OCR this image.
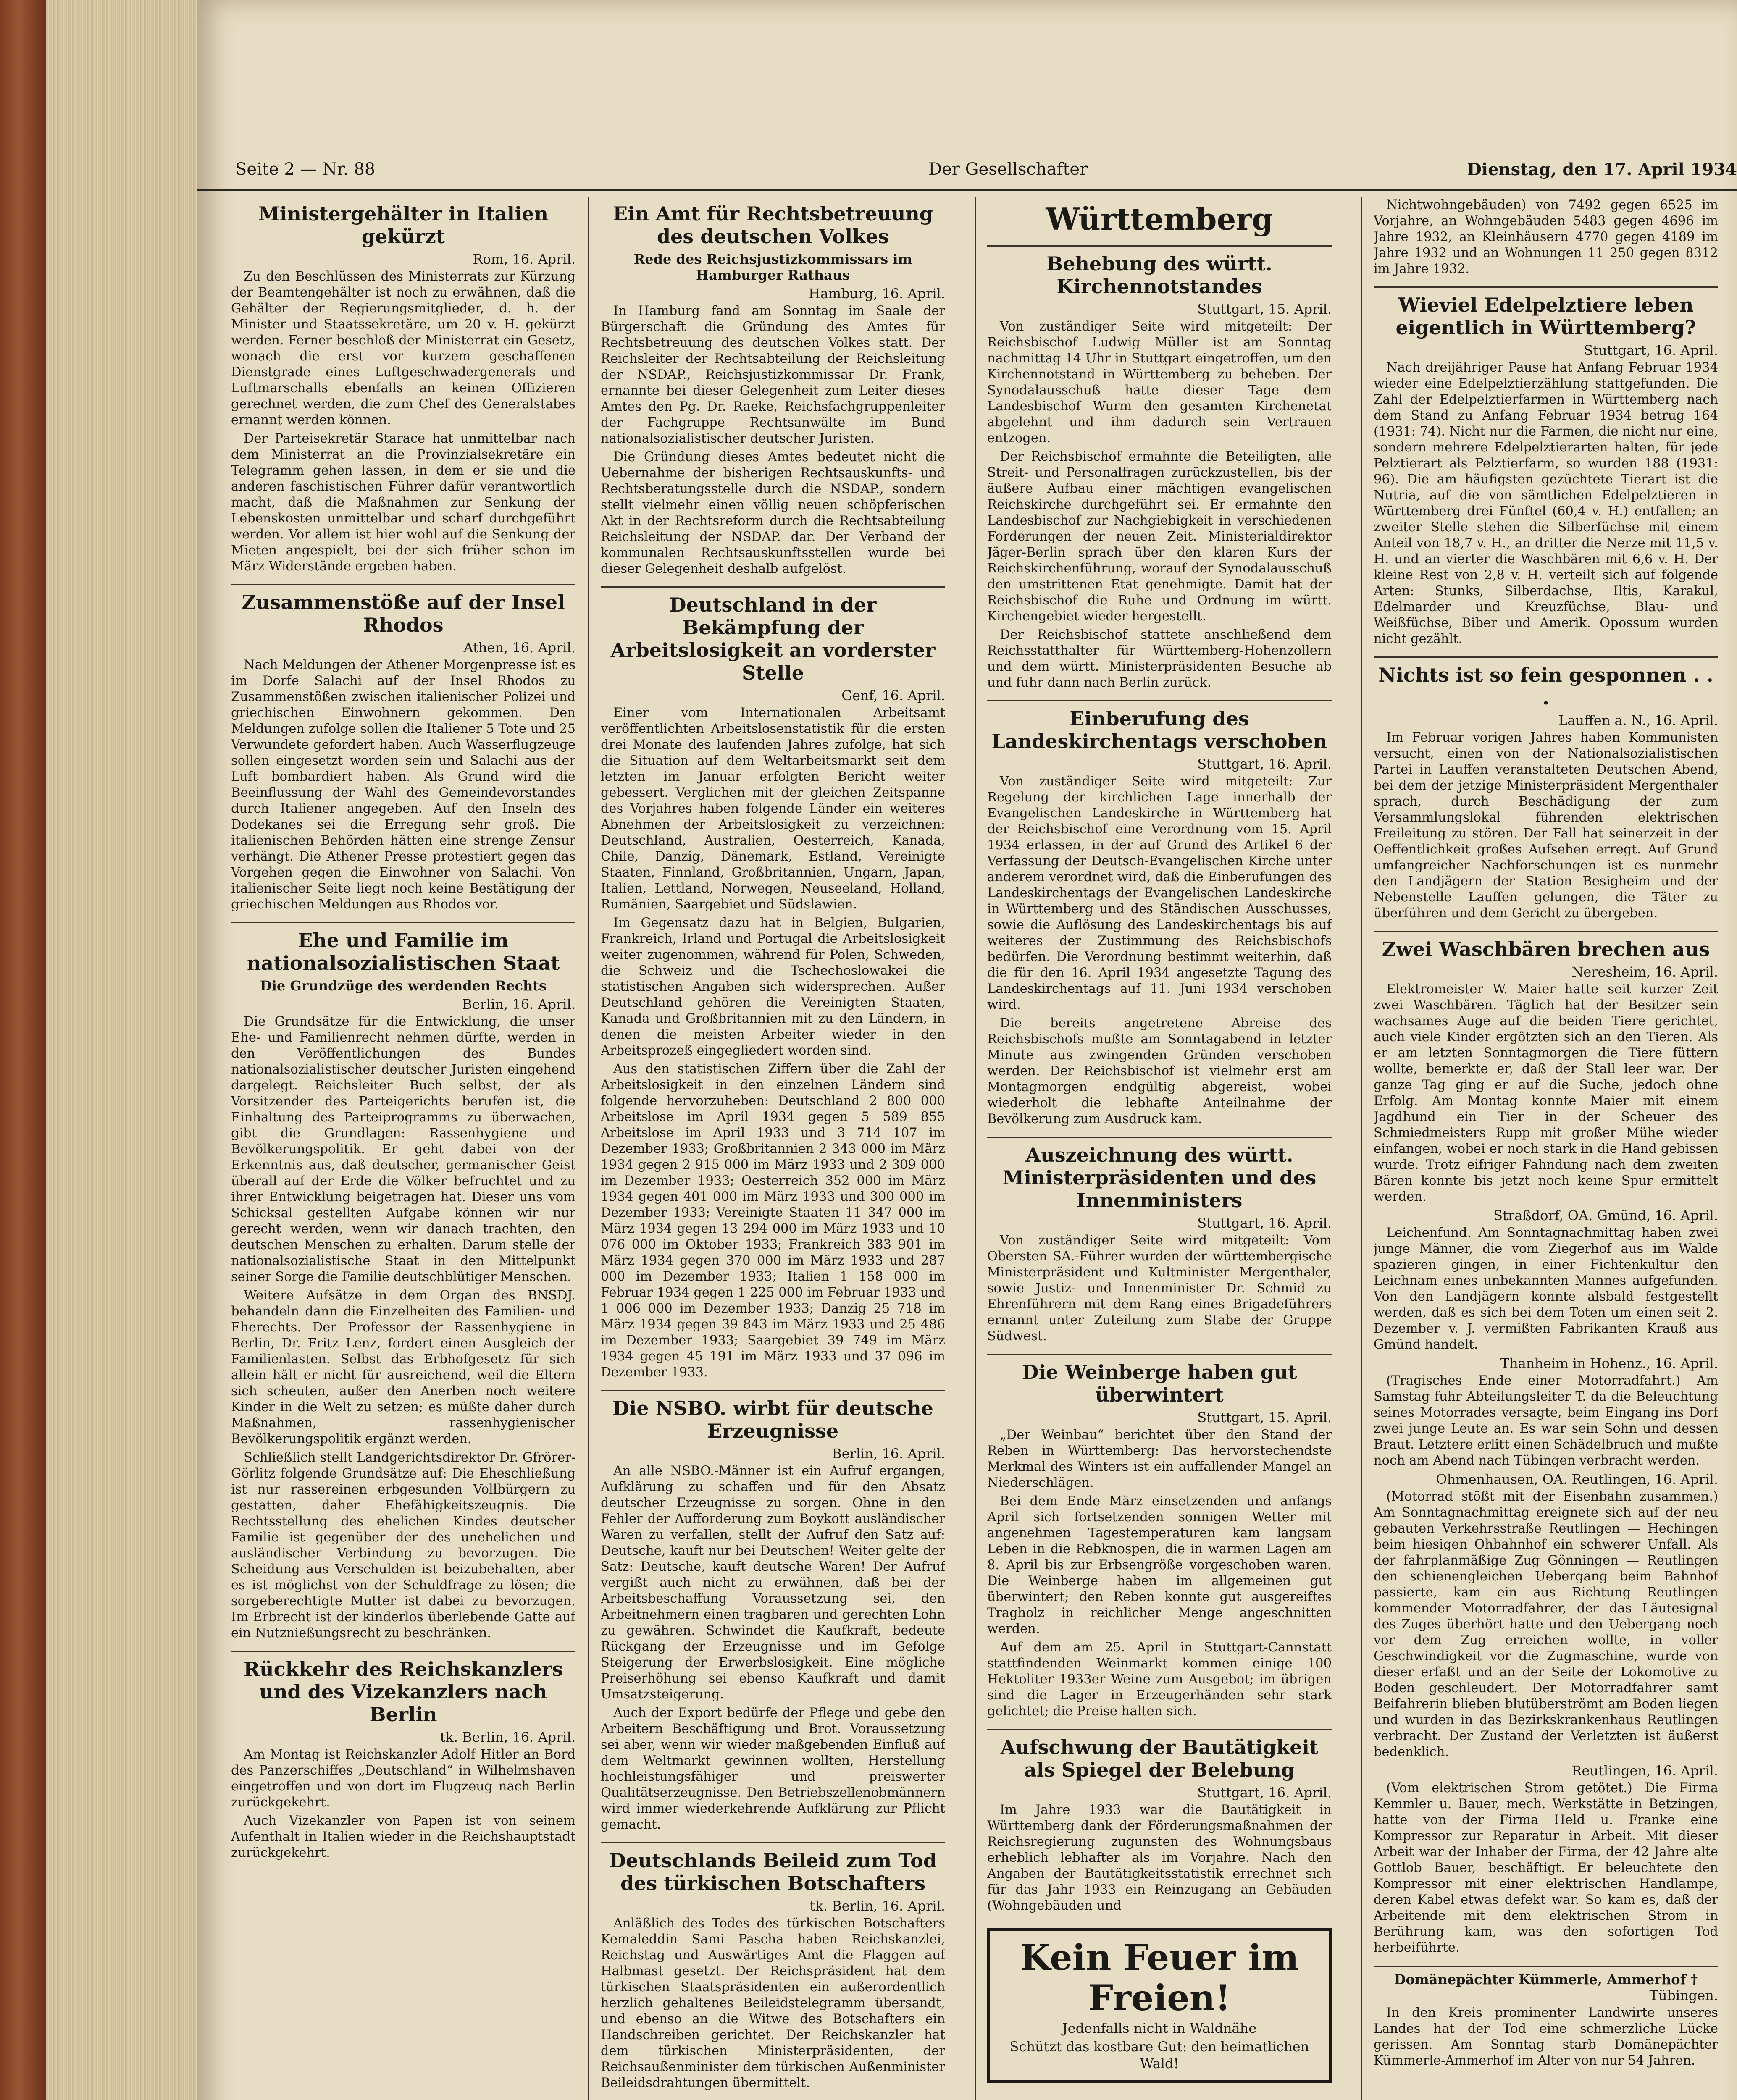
Seite 2 — Nr. 88	Der Gesellschafter	Dienstag, den 17. April 1934
Ministergehälter in Italien gekürzt
Rom, 16. April.

Zu den Beschlüssen des Ministerrats zur Kürzung der Beamtengehälter ist noch zu erwähnen, daß die Gehälter der Regierungsmitglieder, d. h. der Minister und Staatssekretäre, um 20 v. H. gekürzt werden. Ferner beschloß der Ministerrat ein Gesetz, wonach die erst vor kurzem geschaffenen Dienstgrade eines Luftgeschwadergenerals und Luftmarschalls ebenfalls an keinen Offizieren gerechnet werden, die zum Chef des Generalstabes ernannt werden können.

Der Parteisekretär Starace hat unmittelbar nach dem Ministerrat an die Provinzialsekretäre ein Telegramm gehen lassen, in dem er sie und die anderen faschistischen Führer dafür verantwortlich macht, daß die Maßnahmen zur Senkung der Lebenskosten unmittelbar und scharf durchgeführt werden. Vor allem ist hier wohl auf die Senkung der Mieten angespielt, bei der sich früher schon im März Widerstände ergeben haben.

Zusammenstöße auf der Insel Rhodos
Athen, 16. April.

Nach Meldungen der Athener Morgenpresse ist es im Dorfe Salachi auf der Insel Rhodos zu Zusammenstößen zwischen italienischer Polizei und griechischen Einwohnern gekommen. Den Meldungen zufolge sollen die Italiener 5 Tote und 25 Verwundete gefordert haben. Auch Wasserflugzeuge sollen eingesetzt worden sein und Salachi aus der Luft bombardiert haben. Als Grund wird die Beeinflussung der Wahl des Gemeindevorstandes durch Italiener angegeben. Auf den Inseln des Dodekanes sei die Erregung sehr groß. Die italienischen Behörden hätten eine strenge Zensur verhängt. Die Athener Presse protestiert gegen das Vorgehen gegen die Einwohner von Salachi. Von italienischer Seite liegt noch keine Bestätigung der griechischen Meldungen aus Rhodos vor.

Ehe und Familie im nationalsozialistischen Staat
Die Grundzüge des werdenden Rechts
Berlin, 16. April.

Die Grundsätze für die Entwicklung, die unser Ehe- und Familienrecht nehmen dürfte, werden in den Veröffentlichungen des Bundes nationalsozialistischer deutscher Juristen eingehend dargelegt. Reichsleiter Buch selbst, der als Vorsitzender des Parteigerichts berufen ist, die Einhaltung des Parteiprogramms zu überwachen, gibt die Grundlagen: Rassenhygiene und Bevölkerungspolitik. Er geht dabei von der Erkenntnis aus, daß deutscher, germanischer Geist überall auf der Erde die Völker befruchtet und zu ihrer Entwicklung beigetragen hat. Dieser uns vom Schicksal gestellten Aufgabe können wir nur gerecht werden, wenn wir danach trachten, den deutschen Menschen zu erhalten. Darum stelle der nationalsozialistische Staat in den Mittelpunkt seiner Sorge die Familie deutschblütiger Menschen.

Weitere Aufsätze in dem Organ des BNSDJ. behandeln dann die Einzelheiten des Familien- und Eherechts. Der Professor der Rassenhygiene in Berlin, Dr. Fritz Lenz, fordert einen Ausgleich der Familienlasten. Selbst das Erbhofgesetz für sich allein hält er nicht für ausreichend, weil die Eltern sich scheuten, außer den Anerben noch weitere Kinder in die Welt zu setzen; es müßte daher durch Maßnahmen, rassenhygienischer Bevölkerungspolitik ergänzt werden.

Schließlich stellt Landgerichtsdirektor Dr. Gfrörer-Görlitz folgende Grundsätze auf: Die Eheschließung ist nur rassereinen erbgesunden Vollbürgern zu gestatten, daher Ehefähigkeitszeugnis. Die Rechtsstellung des ehelichen Kindes deutscher Familie ist gegenüber der des unehelichen und ausländischer Verbindung zu bevorzugen. Die Scheidung aus Verschulden ist beizubehalten, aber es ist möglichst von der Schuldfrage zu lösen; die sorgeberechtigte Mutter ist dabei zu bevorzugen. Im Erbrecht ist der kinderlos überlebende Gatte auf ein Nutznießungsrecht zu beschränken.

Rückkehr des Reichskanzlers und des Vizekanzlers nach Berlin
tk. Berlin, 16. April.

Am Montag ist Reichskanzler Adolf Hitler an Bord des Panzerschiffes „Deutschland“ in Wilhelmshaven eingetroffen und von dort im Flugzeug nach Berlin zurückgekehrt.

Auch Vizekanzler von Papen ist von seinem Aufenthalt in Italien wieder in die Reichshauptstadt zurückgekehrt.

Ein Amt für Rechtsbetreuung des deutschen Volkes
Rede des Reichsjustizkommissars im Hamburger Rathaus
Hamburg, 16. April.

In Hamburg fand am Sonntag im Saale der Bürgerschaft die Gründung des Amtes für Rechtsbetreuung des deutschen Volkes statt. Der Reichsleiter der Rechtsabteilung der Reichsleitung der NSDAP., Reichsjustizkommissar Dr. Frank, ernannte bei dieser Gelegenheit zum Leiter dieses Amtes den Pg. Dr. Raeke, Reichsfachgruppenleiter der Fachgruppe Rechtsanwälte im Bund nationalsozialistischer deutscher Juristen.

Die Gründung dieses Amtes bedeutet nicht die Uebernahme der bisherigen Rechtsauskunfts- und Rechtsberatungsstelle durch die NSDAP., sondern stellt vielmehr einen völlig neuen schöpferischen Akt in der Rechtsreform durch die Rechtsabteilung Reichsleitung der NSDAP. dar. Der Verband der kommunalen Rechtsauskunftsstellen wurde bei dieser Gelegenheit deshalb aufgelöst.

Deutschland in der Bekämpfung der Arbeitslosigkeit an vorderster Stelle
Genf, 16. April.

Einer vom Internationalen Arbeitsamt veröffentlichten Arbeitslosenstatistik für die ersten drei Monate des laufenden Jahres zufolge, hat sich die Situation auf dem Weltarbeitsmarkt seit dem letzten im Januar erfolgten Bericht weiter gebessert. Verglichen mit der gleichen Zeitspanne des Vorjahres haben folgende Länder ein weiteres Abnehmen der Arbeitslosigkeit zu verzeichnen: Deutschland, Australien, Oesterreich, Kanada, Chile, Danzig, Dänemark, Estland, Vereinigte Staaten, Finnland, Großbritannien, Ungarn, Japan, Italien, Lettland, Norwegen, Neuseeland, Holland, Rumänien, Saargebiet und Südslawien.

Im Gegensatz dazu hat in Belgien, Bulgarien, Frankreich, Irland und Portugal die Arbeitslosigkeit weiter zugenommen, während für Polen, Schweden, die Schweiz und die Tschechoslowakei die statistischen Angaben sich widersprechen. Außer Deutschland gehören die Vereinigten Staaten, Kanada und Großbritannien mit zu den Ländern, in denen die meisten Arbeiter wieder in den Arbeitsprozeß eingegliedert worden sind.

Aus den statistischen Ziffern über die Zahl der Arbeitslosigkeit in den einzelnen Ländern sind folgende hervorzuheben: Deutschland 2 800 000 Arbeitslose im April 1934 gegen 5 589 855 Arbeitslose im April 1933 und 3 714 107 im Dezember 1933; Großbritannien 2 343 000 im März 1934 gegen 2 915 000 im März 1933 und 2 309 000 im Dezember 1933; Oesterreich 352 000 im März 1934 gegen 401 000 im März 1933 und 300 000 im Dezember 1933; Vereinigte Staaten 11 347 000 im März 1934 gegen 13 294 000 im März 1933 und 10 076 000 im Oktober 1933; Frankreich 383 901 im März 1934 gegen 370 000 im März 1933 und 287 000 im Dezember 1933; Italien 1 158 000 im Februar 1934 gegen 1 225 000 im Februar 1933 und 1 006 000 im Dezember 1933; Danzig 25 718 im März 1934 gegen 39 843 im März 1933 und 25 486 im Dezember 1933; Saargebiet 39 749 im März 1934 gegen 45 191 im März 1933 und 37 096 im Dezember 1933.

Die NSBO. wirbt für deutsche Erzeugnisse
Berlin, 16. April.

An alle NSBO.-Männer ist ein Aufruf ergangen, Aufklärung zu schaffen und für den Absatz deutscher Erzeugnisse zu sorgen. Ohne in den Fehler der Aufforderung zum Boykott ausländischer Waren zu verfallen, stellt der Aufruf den Satz auf: Deutsche, kauft nur bei Deutschen! Weiter gelte der Satz: Deutsche, kauft deutsche Waren! Der Aufruf vergißt auch nicht zu erwähnen, daß bei der Arbeitsbeschaffung Voraussetzung sei, den Arbeitnehmern einen tragbaren und gerechten Lohn zu gewähren. Schwindet die Kaufkraft, bedeute Rückgang der Erzeugnisse und im Gefolge Steigerung der Erwerbslosigkeit. Eine mögliche Preiserhöhung sei ebenso Kaufkraft und damit Umsatzsteigerung.

Auch der Export bedürfe der Pflege und gebe den Arbeitern Beschäftigung und Brot. Voraussetzung sei aber, wenn wir wieder maßgebenden Einfluß auf dem Weltmarkt gewinnen wollten, Herstellung hochleistungsfähiger und preiswerter Qualitätserzeugnisse. Den Betriebszellenobmännern wird immer wiederkehrende Aufklärung zur Pflicht gemacht.

Deutschlands Beileid zum Tod des türkischen Botschafters
tk. Berlin, 16. April.

Anläßlich des Todes des türkischen Botschafters Kemaleddin Sami Pascha haben Reichskanzlei, Reichstag und Auswärtiges Amt die Flaggen auf Halbmast gesetzt. Der Reichspräsident hat dem türkischen Staatspräsidenten ein außerordentlich herzlich gehaltenes Beileidstelegramm übersandt, und ebenso an die Witwe des Botschafters ein Handschreiben gerichtet. Der Reichskanzler hat dem türkischen Ministerpräsidenten, der Reichsaußenminister dem türkischen Außenminister Beileidsdrahtungen übermittelt.

Württemberg
Behebung des württ. Kirchennotstandes
Stuttgart, 15. April.

Von zuständiger Seite wird mitgeteilt: Der Reichsbischof Ludwig Müller ist am Sonntag nachmittag 14 Uhr in Stuttgart eingetroffen, um den Kirchennotstand in Württemberg zu beheben. Der Synodalausschuß hatte dieser Tage dem Landesbischof Wurm den gesamten Kirchenetat abgelehnt und ihm dadurch sein Vertrauen entzogen.

Der Reichsbischof ermahnte die Beteiligten, alle Streit- und Personalfragen zurückzustellen, bis der äußere Aufbau einer mächtigen evangelischen Reichskirche durchgeführt sei. Er ermahnte den Landesbischof zur Nachgiebigkeit in verschiedenen Forderungen der neuen Zeit. Ministerialdirektor Jäger-Berlin sprach über den klaren Kurs der Reichskirchenführung, worauf der Synodalausschuß den umstrittenen Etat genehmigte. Damit hat der Reichsbischof die Ruhe und Ordnung im württ. Kirchengebiet wieder hergestellt.

Der Reichsbischof stattete anschließend dem Reichsstatthalter für Württemberg-Hohenzollern und dem württ. Ministerpräsidenten Besuche ab und fuhr dann nach Berlin zurück.

Einberufung des Landeskirchentags verschoben
Stuttgart, 16. April.

Von zuständiger Seite wird mitgeteilt: Zur Regelung der kirchlichen Lage innerhalb der Evangelischen Landeskirche in Württemberg hat der Reichsbischof eine Verordnung vom 15. April 1934 erlassen, in der auf Grund des Artikel 6 der Verfassung der Deutsch-Evangelischen Kirche unter anderem verordnet wird, daß die Einberufungen des Landeskirchentags der Evangelischen Landeskirche in Württemberg und des Ständischen Ausschusses, sowie die Auflösung des Landeskirchentags bis auf weiteres der Zustimmung des Reichsbischofs bedürfen. Die Verordnung bestimmt weiterhin, daß die für den 16. April 1934 angesetzte Tagung des Landeskirchentags auf 11. Juni 1934 verschoben wird.

Die bereits angetretene Abreise des Reichsbischofs mußte am Sonntagabend in letzter Minute aus zwingenden Gründen verschoben werden. Der Reichsbischof ist vielmehr erst am Montagmorgen endgültig abgereist, wobei wiederholt die lebhafte Anteilnahme der Bevölkerung zum Ausdruck kam.

Auszeichnung des württ. Ministerpräsidenten und des Innenministers
Stuttgart, 16. April.

Von zuständiger Seite wird mitgeteilt: Vom Obersten SA.-Führer wurden der württembergische Ministerpräsident und Kultminister Mergenthaler, sowie Justiz- und Innenminister Dr. Schmid zu Ehrenführern mit dem Rang eines Brigadeführers ernannt unter Zuteilung zum Stabe der Gruppe Südwest.

Die Weinberge haben gut überwintert
Stuttgart, 15. April.

„Der Weinbau“ berichtet über den Stand der Reben in Württemberg: Das hervorstechendste Merkmal des Winters ist ein auffallender Mangel an Niederschlägen.

Bei dem Ende März einsetzenden und anfangs April sich fortsetzenden sonnigen Wetter mit angenehmen Tagestemperaturen kam langsam Leben in die Rebknospen, die in warmen Lagen am 8. April bis zur Erbsengröße vorgeschoben waren. Die Weinberge haben im allgemeinen gut überwintert; den Reben konnte gut ausgereiftes Tragholz in reichlicher Menge angeschnitten werden.

Auf dem am 25. April in Stuttgart-Cannstatt stattfindenden Weinmarkt kommen einige 100 Hektoliter 1933er Weine zum Ausgebot; im übrigen sind die Lager in Erzeugerhänden sehr stark gelichtet; die Preise halten sich.

Aufschwung der Bautätigkeit als Spiegel der Belebung
Stuttgart, 16. April.

Im Jahre 1933 war die Bautätigkeit in Württemberg dank der Förderungsmaßnahmen der Reichsregierung zugunsten des Wohnungsbaus erheblich lebhafter als im Vorjahre. Nach den Angaben der Bautätigkeitsstatistik errechnet sich für das Jahr 1933 ein Reinzugang an Gebäuden (Wohngebäuden und

Kein Feuer im Freien!
Jedenfalls nicht in Waldnähe
Schützt das kostbare Gut: den heimatlichen Wald!

Nichtwohngebäuden) von 7492 gegen 6525 im Vorjahre, an Wohngebäuden 5483 gegen 4696 im Jahre 1932, an Kleinhäusern 4770 gegen 4189 im Jahre 1932 und an Wohnungen 11 250 gegen 8312 im Jahre 1932.

Wieviel Edelpelztiere leben eigentlich in Württemberg?
Stuttgart, 16. April.

Nach dreijähriger Pause hat Anfang Februar 1934 wieder eine Edelpelztierzählung stattgefunden. Die Zahl der Edelpelztierfarmen in Württemberg nach dem Stand zu Anfang Februar 1934 betrug 164 (1931: 74). Nicht nur die Farmen, die nicht nur eine, sondern mehrere Edelpelztierarten halten, für jede Pelztierart als Pelztierfarm, so wurden 188 (1931: 96). Die am häufigsten gezüchtete Tierart ist die Nutria, auf die von sämtlichen Edelpelztieren in Württemberg drei Fünftel (60,4 v. H.) entfallen; an zweiter Stelle stehen die Silberfüchse mit einem Anteil von 18,7 v. H., an dritter die Nerze mit 11,5 v. H. und an vierter die Waschbären mit 6,6 v. H. Der kleine Rest von 2,8 v. H. verteilt sich auf folgende Arten: Stunks, Silberdachse, Iltis, Karakul, Edelmarder und Kreuzfüchse, Blau- und Weißfüchse, Biber und Amerik. Opossum wurden nicht gezählt.

Nichts ist so fein gesponnen . . .
Lauffen a. N., 16. April.

Im Februar vorigen Jahres haben Kommunisten versucht, einen von der Nationalsozialistischen Partei in Lauffen veranstalteten Deutschen Abend, bei dem der jetzige Ministerpräsident Mergenthaler sprach, durch Beschädigung der zum Versammlungslokal führenden elektrischen Freileitung zu stören. Der Fall hat seinerzeit in der Oeffentlichkeit großes Aufsehen erregt. Auf Grund umfangreicher Nachforschungen ist es nunmehr den Landjägern der Station Besigheim und der Nebenstelle Lauffen gelungen, die Täter zu überführen und dem Gericht zu übergeben.

Zwei Waschbären brechen aus
Neresheim, 16. April.

Elektromeister W. Maier hatte seit kurzer Zeit zwei Waschbären. Täglich hat der Besitzer sein wachsames Auge auf die beiden Tiere gerichtet, auch viele Kinder ergötzten sich an den Tieren. Als er am letzten Sonntagmorgen die Tiere füttern wollte, bemerkte er, daß der Stall leer war. Der ganze Tag ging er auf die Suche, jedoch ohne Erfolg. Am Montag konnte Maier mit einem Jagdhund ein Tier in der Scheuer des Schmiedmeisters Rupp mit großer Mühe wieder einfangen, wobei er noch stark in die Hand gebissen wurde. Trotz eifriger Fahndung nach dem zweiten Bären konnte bis jetzt noch keine Spur ermittelt werden.

Straßdorf, OA. Gmünd, 16. April.

Leichenfund. Am Sonntagnachmittag haben zwei junge Männer, die vom Ziegerhof aus im Walde spazieren gingen, in einer Fichtenkultur den Leichnam eines unbekannten Mannes aufgefunden. Von den Landjägern konnte alsbald festgestellt werden, daß es sich bei dem Toten um einen seit 2. Dezember v. J. vermißten Fabrikanten Krauß aus Gmünd handelt.

Thanheim in Hohenz., 16. April.

(Tragisches Ende einer Motorradfahrt.) Am Samstag fuhr Abteilungsleiter T. da die Beleuchtung seines Motorrades versagte, beim Eingang ins Dorf zwei junge Leute an. Es war sein Sohn und dessen Braut. Letztere erlitt einen Schädelbruch und mußte noch am Abend nach Tübingen verbracht werden.

Ohmenhausen, OA. Reutlingen, 16. April.

(Motorrad stößt mit der Eisenbahn zusammen.) Am Sonntagnachmittag ereignete sich auf der neu gebauten Verkehrsstraße Reutlingen — Hechingen beim hiesigen Ohbahnhof ein schwerer Unfall. Als der fahrplanmäßige Zug Gönningen — Reutlingen den schienengleichen Uebergang beim Bahnhof passierte, kam ein aus Richtung Reutlingen kommender Motorradfahrer, der das Läutesignal des Zuges überhört hatte und den Uebergang noch vor dem Zug erreichen wollte, in voller Geschwindigkeit vor die Zugmaschine, wurde von dieser erfaßt und an der Seite der Lokomotive zu Boden geschleudert. Der Motorradfahrer samt Beifahrerin blieben blutüberströmt am Boden liegen und wurden in das Bezirkskrankenhaus Reutlingen verbracht. Der Zustand der Verletzten ist äußerst bedenklich.

Reutlingen, 16. April.

(Vom elektrischen Strom getötet.) Die Firma Kemmler u. Bauer, mech. Werkstätte in Betzingen, hatte von der Firma Held u. Franke eine Kompressor zur Reparatur in Arbeit. Mit dieser Arbeit war der Inhaber der Firma, der 42 Jahre alte Gottlob Bauer, beschäftigt. Er beleuchtete den Kompressor mit einer elektrischen Handlampe, deren Kabel etwas defekt war. So kam es, daß der Arbeitende mit dem elektrischen Strom in Berührung kam, was den sofortigen Tod herbeiführte.

Domänepächter Kümmerle, Ammerhof †
Tübingen.

In den Kreis prominenter Landwirte unseres Landes hat der Tod eine schmerzliche Lücke gerissen. Am Sonntag starb Domänepächter Kümmerle-Ammerhof im Alter von nur 54 Jahren.
